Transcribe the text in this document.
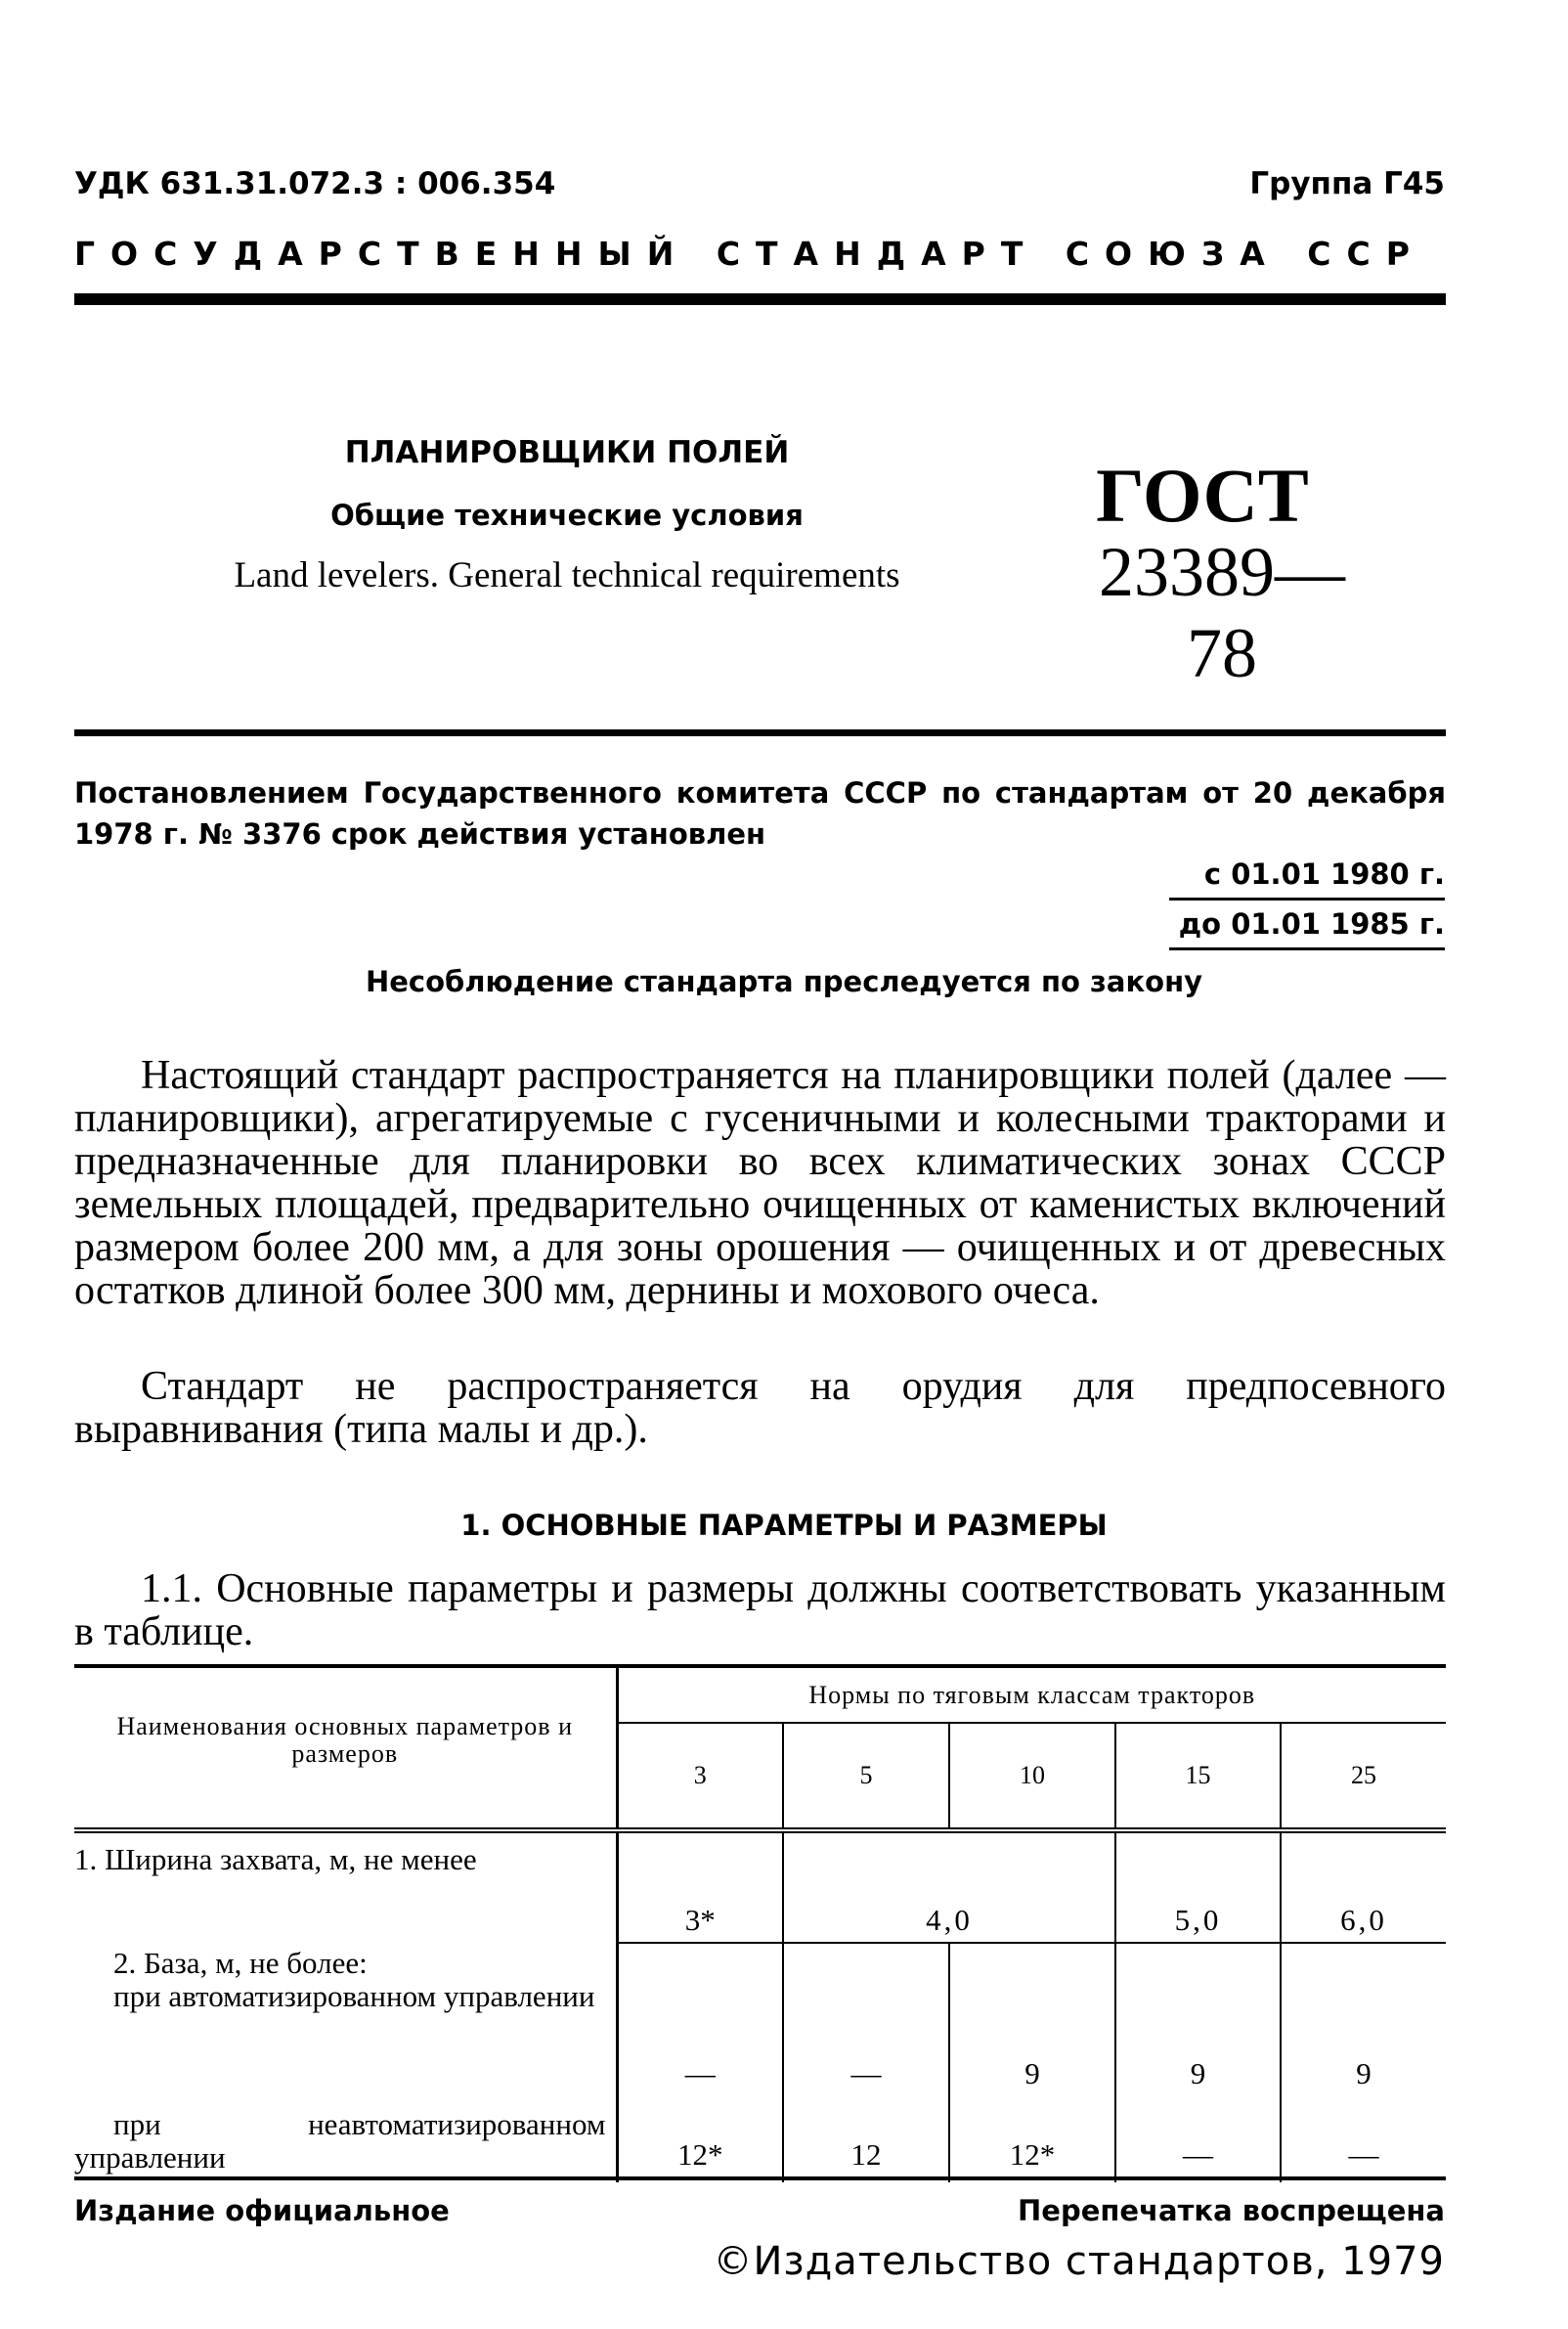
УДК 631.31.072.3 : 006.354	Группа Г45
ГОСУДАРСТВЕННЫЙ СТАНДАРТ СОЮЗА ССР
ПЛАНИРОВЩИКИ ПОЛЕЙ
Общие технические условия
Land levelers. General technical requirements
ГОСТ
23389—78
Постановлением Государственного комитета СССР по стандартам от 20 декабря 1978 г. № 3376 срок действия установлен
с 01.01 1980 г.
до 01.01 1985 г.
Несоблюдение стандарта преследуется по закону
Настоящий стандарт распространяется на планировщики полей (далее — планировщики), агрегатируемые с гусеничными и колесными тракторами и предназначенные для планировки во всех климатических зонах СССР земельных площадей, предварительно очищенных от каменистых включений размером более 200 мм, а для зоны орошения — очищенных и от древесных остатков длиной более 300 мм, дернины и мохового очеса.
Стандарт не распространяется на орудия для предпосевного выравнивания (типа малы и др.).
1. ОСНОВНЫЕ ПАРАМЕТРЫ И РАЗМЕРЫ
1.1. Основные параметры и размеры должны соответствовать указанным в таблице.
Наименования основных параметров и размеров	Нормы по тяговым классам тракторов				
	3	5	10	15	25
1. Ширина захвата, м, не менее	3*	4,0		5,0	6,0

2. База, м, не более:
при автоматизированном управлении	—	—	9	9	9
при неавтоматизированном управлении	12*	12	12*	—	—
Издание официальное	Перепечатка воспрещена
©Издательство стандартов, 1979
